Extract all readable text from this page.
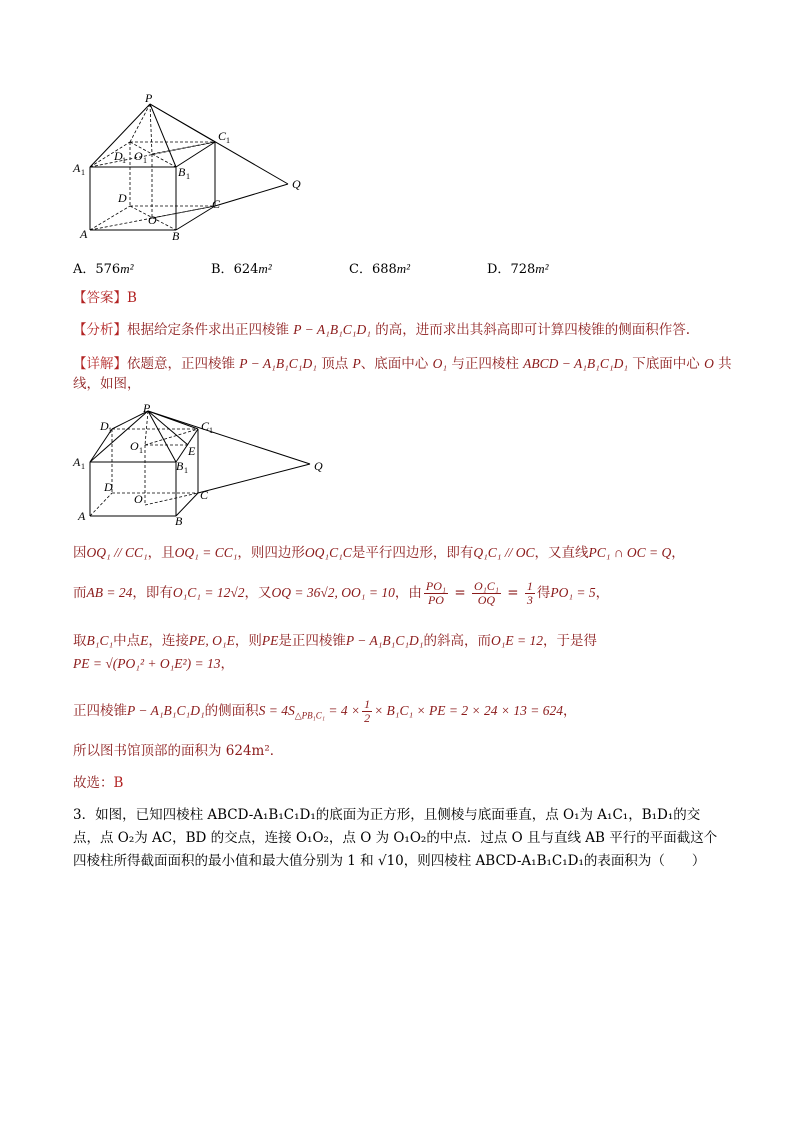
P
C 1
A 1
D 1 O 1
B 1
Q
D	C
O
A	B
A．576m²	B．624m²	C．688m²	D．728m²
【答案】B
【分析】根据给定条件求出正四棱锥 P − A₁B₁C₁D₁ 的高，进而求出其斜高即可计算四棱锥的侧面积作答.
【详解】依题意，正四棱锥 P − A₁B₁C₁D₁ 顶点 P、底面中心 O₁ 与正四棱柱 ABCD − A₁B₁C₁D₁ 下底面中心 O 共
线，如图，
P
D 1	C 1
O 1	E
A 1	B 1	Q
D
C
O
A	B
因OQ₁ // CC₁，且OQ₁ = CC₁，则四边形OQ₁C₁C是平行四边形，即有Q₁C₁ // OC，又直线PC₁ ∩ OC = Q，
而AB = 24，即有O₁C₁ = 12√2，又OQ = 36√2, OO₁ = 10，由 $\frac{\text{PO₁}}{PO} = \frac{\text{O₁C₁}}{OQ} = \frac{1}{3}$ 得PO₁ = 5，
取B₁C₁中点E，连接PE, O₁E，则PE是正四棱锥P − A₁B₁C₁D₁的斜高，而O₁E = 12，于是得
PE = √(PO₁² + O₁E²) = 13，
正四棱锥P − A₁B₁C₁D₁的侧面积$S = 4S_{\triangle PB_1C_1} = 4 \times \frac{1}{2} \times B_1C_1$ × PE = 2 × 24 × 13 = 624，
所以图书馆顶部的面积为 624m²．
故选：B
3．如图，已知四棱柱 ABCD-A₁B₁C₁D₁的底面为正方形，且侧棱与底面垂直，点 O₁为 A₁C₁，B₁D₁的交
点，点 O₂为 AC，BD 的交点，连接 O₁O₂，点 O 为 O₁O₂的中点．过点 O 且与直线 AB 平行的平面截这个
四棱柱所得截面面积的最小值和最大值分别为 1 和 √10，则四棱柱 ABCD-A₁B₁C₁D₁的表面积为（　　）
